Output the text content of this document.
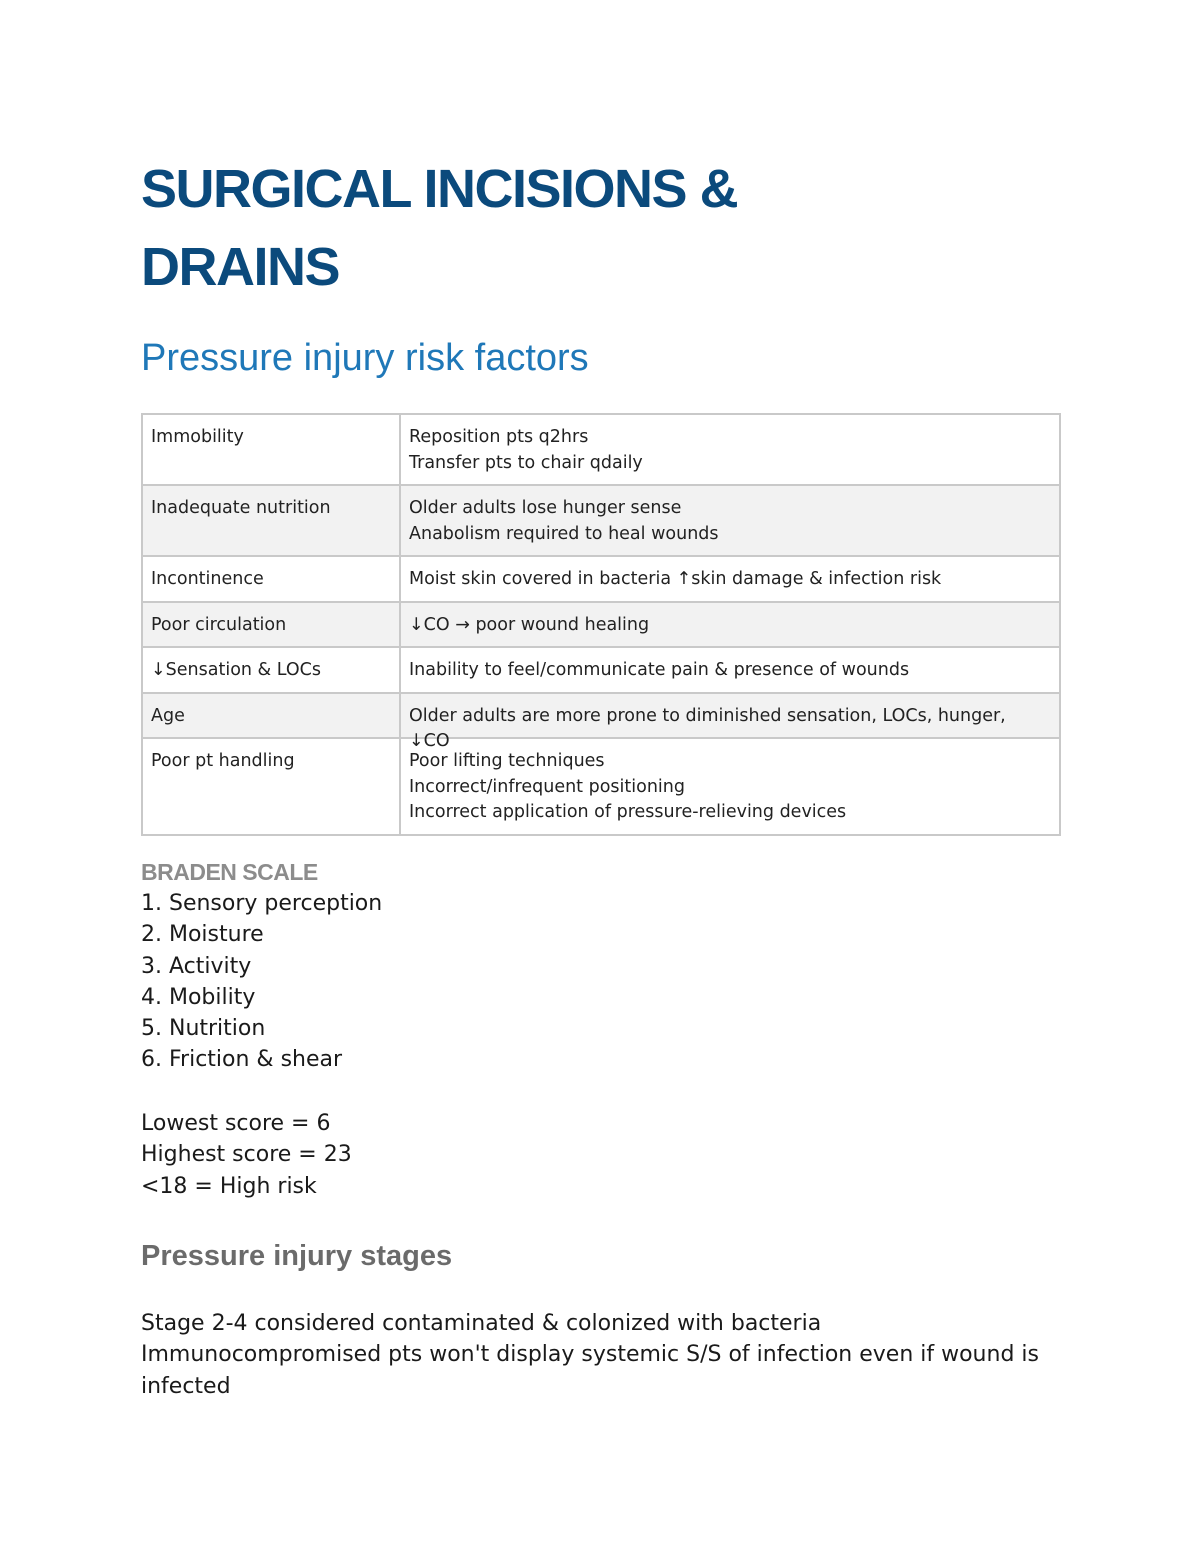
SURGICAL INCISIONS &
DRAINS
Pressure injury risk factors
Immobility	Reposition pts q2hrs
Transfer pts to chair qdaily

Inadequate nutrition	Older adults lose hunger sense
Anabolism required to heal wounds

Incontinence	Moist skin covered in bacteria ↑skin damage & infection risk

Poor circulation	↓CO → poor wound healing

↓Sensation & LOCs	Inability to feel/communicate pain & presence of wounds

Age	Older adults are more prone to diminished sensation, LOCs, hunger,
↓CO

Poor pt handling	Poor lifting techniques
Incorrect/infrequent positioning
Incorrect application of pressure-relieving devices
BRADEN SCALE
1. Sensory perception
2. Moisture
3. Activity
4. Mobility
5. Nutrition
6. Friction & shear
Lowest score = 6
Highest score = 23
<18 = High risk
Pressure injury stages
Stage 2-4 considered contaminated & colonized with bacteria
Immunocompromised pts won't display systemic S/S of infection even if wound is infected
